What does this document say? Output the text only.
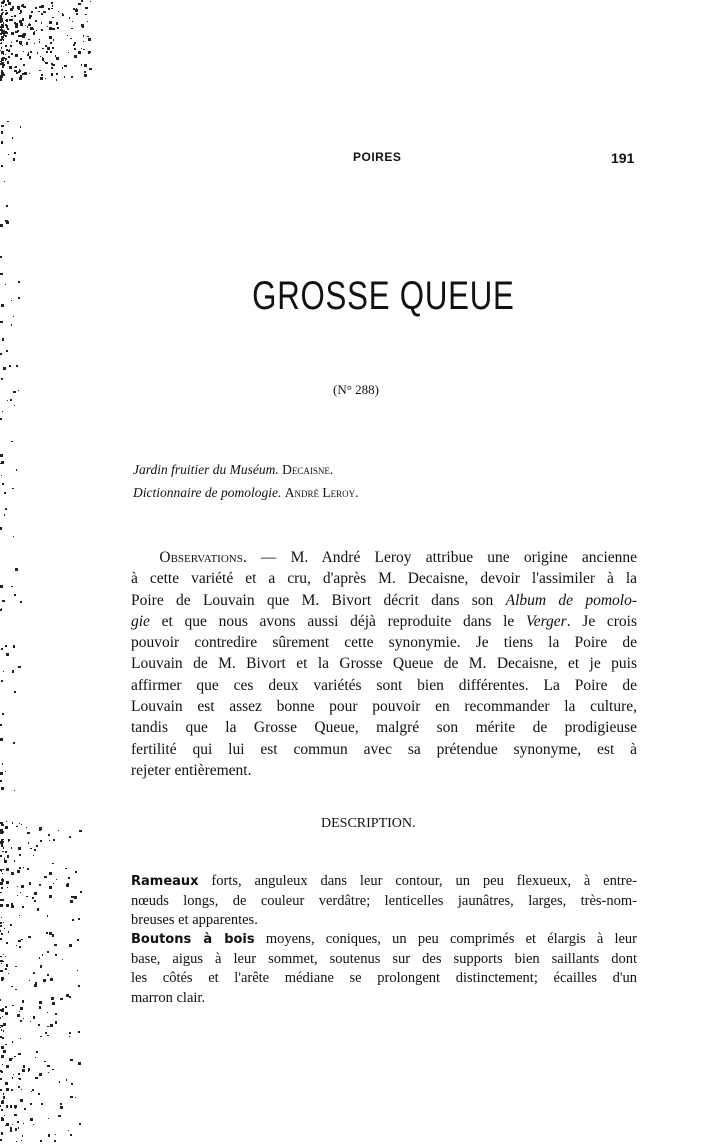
POIRES	191
GROSSE QUEUE
(N° 288)
Jardin fruitier du Muséum. Decaisne.
Dictionnaire de pomologie. André Leroy.
Observations. — M. André Leroy attribue une origine ancienne
à cette variété et a cru, d'après M. Decaisne, devoir l'assimiler à la
Poire de Louvain que M. Bivort décrit dans son Album de pomolo-
gie et que nous avons aussi déjà reproduite dans le Verger. Je crois
pouvoir contredire sûrement cette synonymie. Je tiens la Poire de
Louvain de M. Bivort et la Grosse Queue de M. Decaisne, et je puis
affirmer que ces deux variétés sont bien différentes. La Poire de
Louvain est assez bonne pour pouvoir en recommander la culture,
tandis que la Grosse Queue, malgré son mérite de prodigieuse
fertilité qui lui est commun avec sa prétendue synonyme, est à
rejeter entièrement.
DESCRIPTION.
Rameaux forts, anguleux dans leur contour, un peu flexueux, à entre-
nœuds longs, de couleur verdâtre; lenticelles jaunâtres, larges, très-nom-
breuses et apparentes.
Boutons à bois moyens, coniques, un peu comprimés et élargis à leur
base, aigus à leur sommet, soutenus sur des supports bien saillants dont
les côtés et l'arête médiane se prolongent distinctement; écailles d'un
marron clair.
